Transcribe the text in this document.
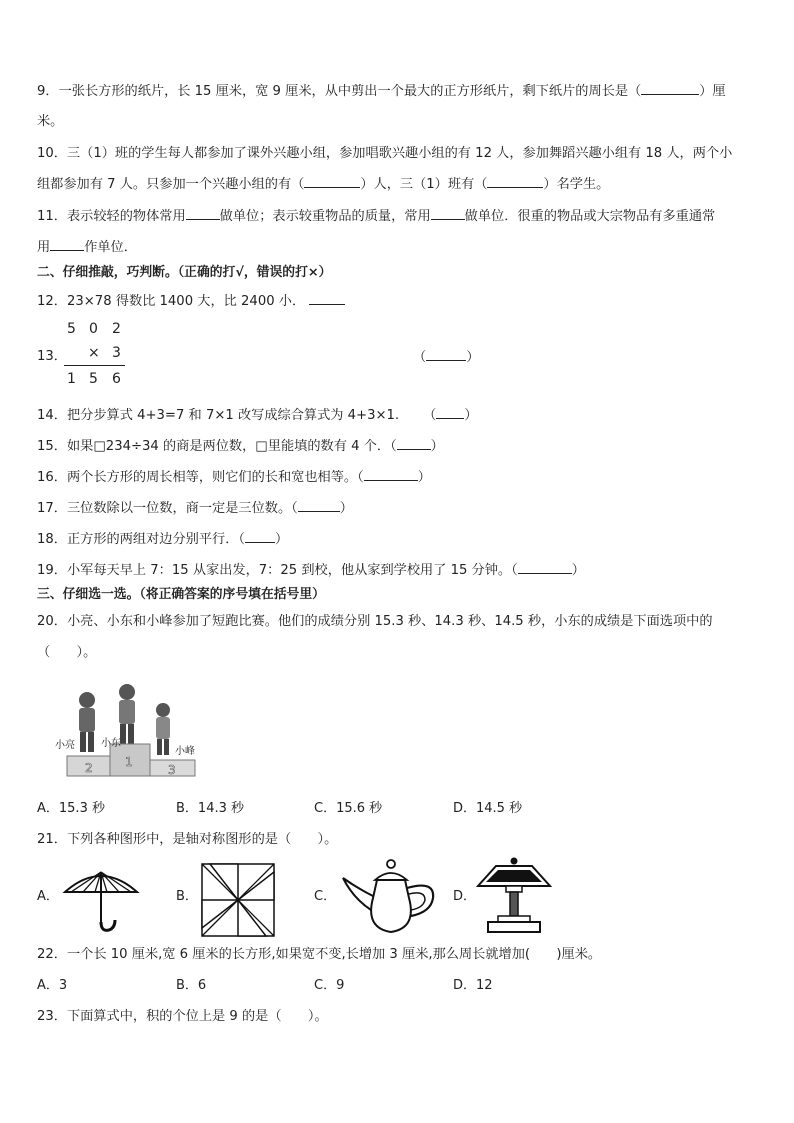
9．一张长方形的纸片，长 15 厘米，宽 9 厘米，从中剪出一个最大的正方形纸片，剩下纸片的周长是（	）厘
米。
10．三（1）班的学生每人都参加了课外兴趣小组，参加唱歌兴趣小组的有 12 人，参加舞蹈兴趣小组有 18 人，两个小
组都参加有 7 人。只参加一个兴趣小组的有（	）人，三（1）班有（	）名学生。
11．表示较轻的物体常用	做单位；表示较重物品的质量，常用	做单位．很重的物品或大宗物品有多重通常
用	作单位．
二、仔细推敲，巧判断。（正确的打√，错误的打×）
12．23×78 得数比 1400 大，比 2400 小．
13．
5 0 2
× 3
1 5 6
（	）
14．把分步算式 4+3=7 和 7×1 改写成综合算式为 4+3×1. （ ）
15．如果□234÷34 的商是两位数，□里能填的数有 4 个．（	）
16．两个长方形的周长相等，则它们的长和宽也相等。（	）
17．三位数除以一位数，商一定是三位数。（	）
18．正方形的两组对边分别平行．（ ）
19．小军每天早上 7：15 从家出发，7：25 到校，他从家到学校用了 15 分钟。（	）
三、仔细选一选。（将正确答案的序号填在括号里）
20．小亮、小东和小峰参加了短跑比赛。他们的成绩分别 15.3 秒、14.3 秒、14.5 秒，小东的成绩是下面选项中的
（　　）。
2	1
3
小亮	小东
小峰
A．15.3 秒	B．14.3 秒	C．15.6 秒	D．14.5 秒
21．下列各种图形中，是轴对称图形的是（　　）。
A．	B．	C．	D．
22．一个长 10 厘米,宽 6 厘米的长方形,如果宽不变,长增加 3 厘米,那么周长就增加(　　)厘米。
A．3	B．6	C．9	D．12
23．下面算式中，积的个位上是 9 的是（　　）。
